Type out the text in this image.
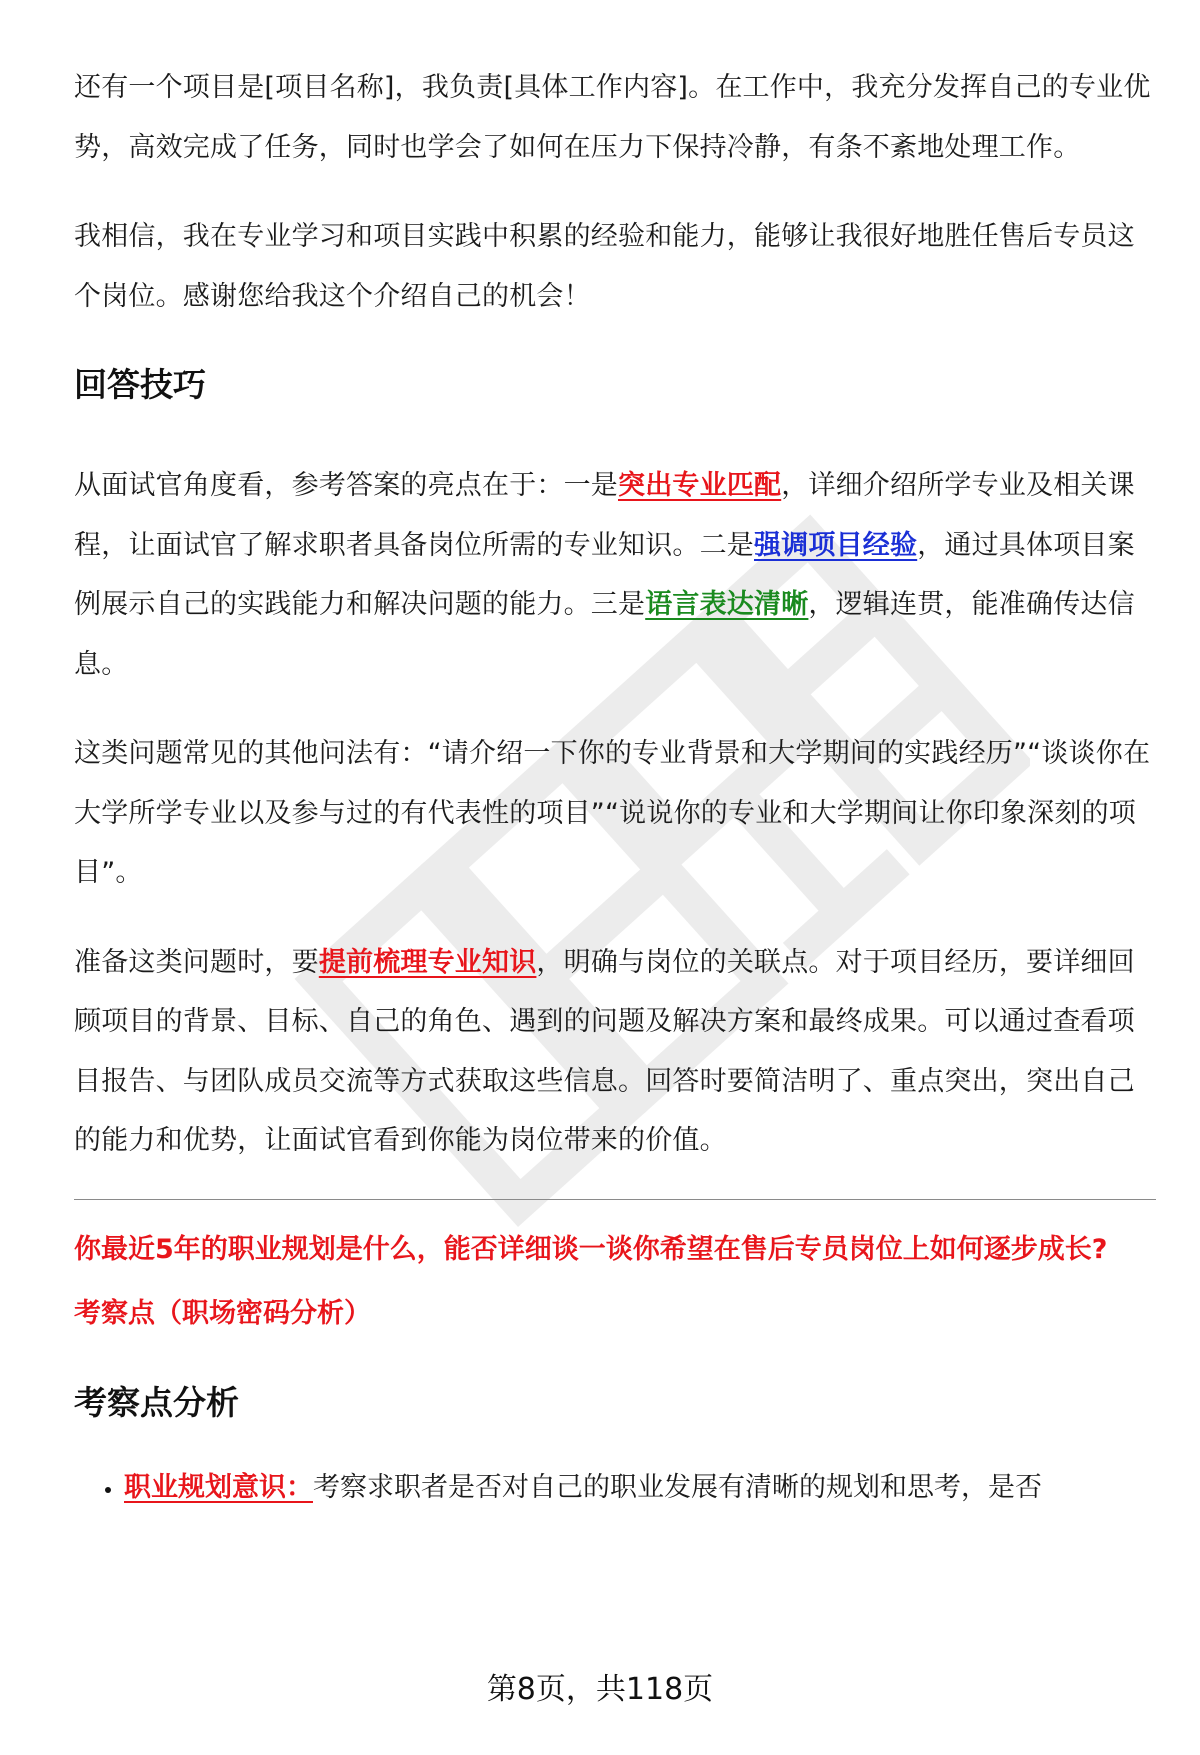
还有一个项目是[项目名称]，我负责[具体工作内容]。在工作中，我充分发挥自己的专业优势，高效完成了任务，同时也学会了如何在压力下保持冷静，有条不紊地处理工作。

我相信，我在专业学习和项目实践中积累的经验和能力，能够让我很好地胜任售后专员这个岗位。感谢您给我这个介绍自己的机会！

回答技巧

从面试官角度看，参考答案的亮点在于：一是突出专业匹配，详细介绍所学专业及相关课程，让面试官了解求职者具备岗位所需的专业知识。二是强调项目经验，通过具体项目案例展示自己的实践能力和解决问题的能力。三是语言表达清晰，逻辑连贯，能准确传达信息。

这类问题常见的其他问法有：“请介绍一下你的专业背景和大学期间的实践经历”“谈谈你在大学所学专业以及参与过的有代表性的项目”“说说你的专业和大学期间让你印象深刻的项目”。

准备这类问题时，要提前梳理专业知识，明确与岗位的关联点。对于项目经历，要详细回顾项目的背景、目标、自己的角色、遇到的问题及解决方案和最终成果。可以通过查看项目报告、与团队成员交流等方式获取这些信息。回答时要简洁明了、重点突出，突出自己的能力和优势，让面试官看到你能为岗位带来的价值。

你最近5年的职业规划是什么，能否详细谈一谈你希望在售后专员岗位上如何逐步成长?
考察点（职场密码分析）
考察点分析
• 职业规划意识：考察求职者是否对自己的职业发展有清晰的规划和思考，是否
第8页，共118页
